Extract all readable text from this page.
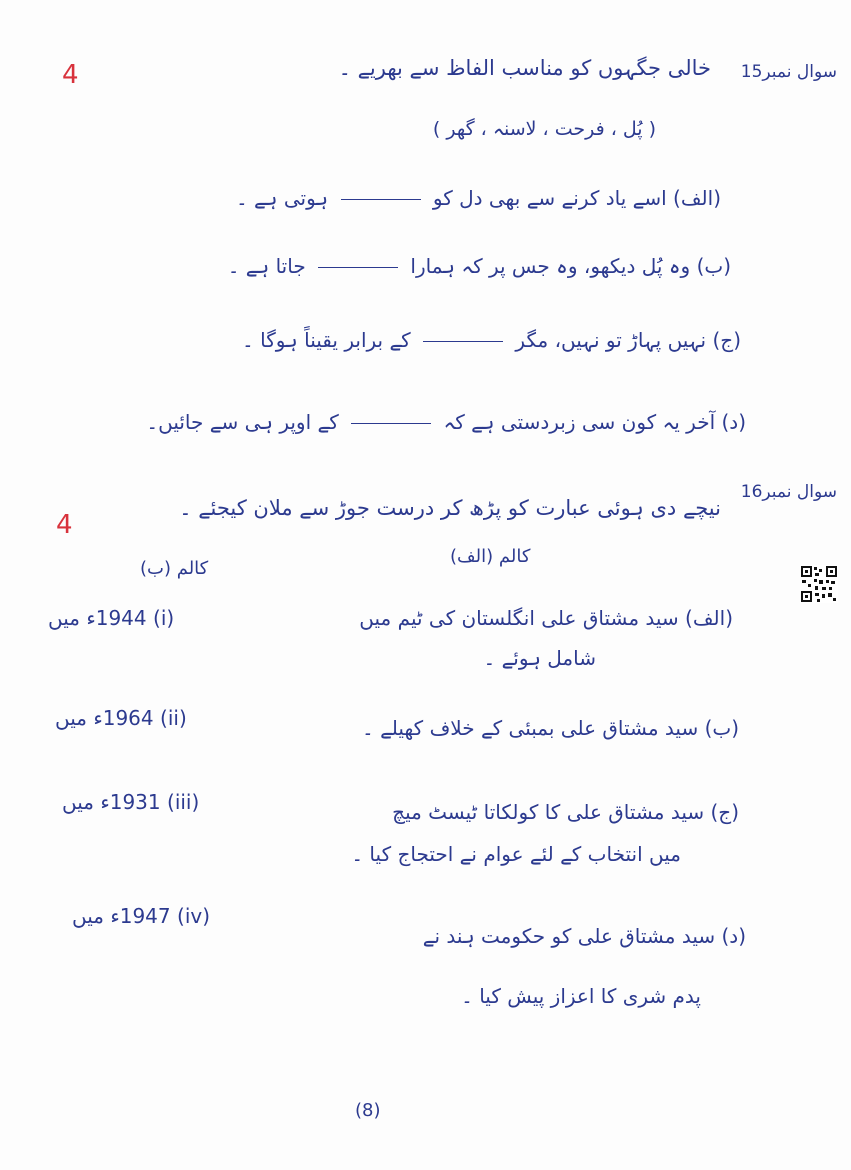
4	سوال نمبر15
خالی جگہوں کو مناسب الفاظ سے بھریے ۔
( پُل ، فرحت ، لاسنہ ، گھر )
(الف) اسے یاد کرنے سے بھی دل کو  ہوتی ہے ۔
(ب) وہ پُل دیکھو، وہ جس پر کہ ہمارا  جاتا ہے ۔
(ج) نہیں پہاڑ تو نہیں، مگر  کے برابر یقیناً ہوگا ۔
(د) آخر یہ کون سی زبردستی ہے کہ  کے اوپر ہی سے جائیں۔
سوال نمبر16
نیچے دی ہوئی عبارت کو پڑھ کر درست جوڑ سے ملان کیجئے ۔
4
کالم (الف)
کالم (ب)
(i) 1944ء میں
(ii) 1964ء میں
(iii) 1931ء میں
(iv) 1947ء میں
(الف) سید مشتاق علی انگلستان کی ٹیم میں
شامل ہوئے ۔
(ب) سید مشتاق علی بمبئی کے خلاف کھیلے ۔
(ج) سید مشتاق علی کا کولکاتا ٹیسٹ میچ
میں انتخاب کے لئے عوام نے احتجاج کیا ۔
(د) سید مشتاق علی کو حکومت ہند نے
پدم شری کا اعزاز پیش کیا ۔
(8)
